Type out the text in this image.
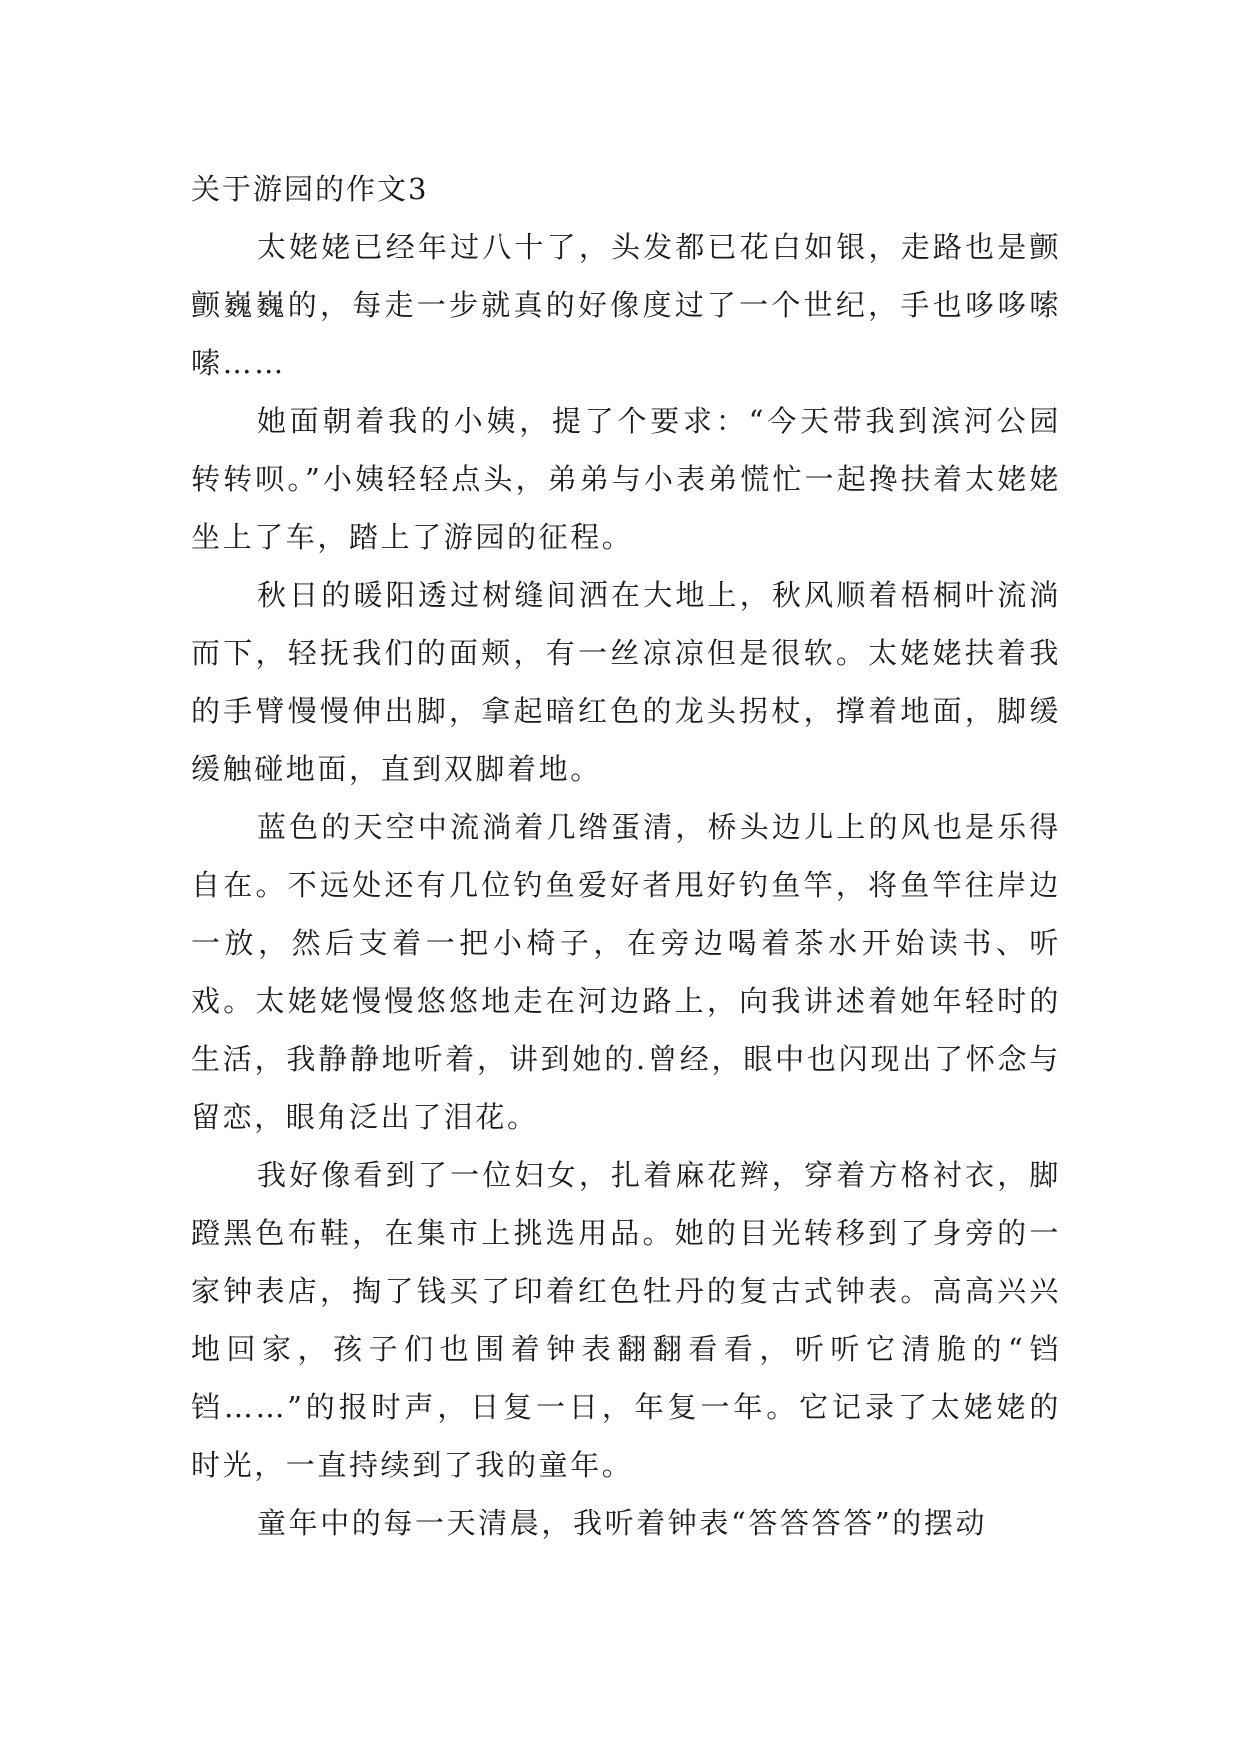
关于游园的作文3

太姥姥已经年过八十了，头发都已花白如银，走路也是颤颤巍巍的，每走一步就真的好像度过了一个世纪，手也哆哆嗦嗦……

她面朝着我的小姨，提了个要求：“今天带我到滨河公园转转呗。”小姨轻轻点头，弟弟与小表弟慌忙一起搀扶着太姥姥坐上了车，踏上了游园的征程。

秋日的暖阳透过树缝间洒在大地上，秋风顺着梧桐叶流淌而下，轻抚我们的面颊，有一丝凉凉但是很软。太姥姥扶着我的手臂慢慢伸出脚，拿起暗红色的龙头拐杖，撑着地面，脚缓缓触碰地面，直到双脚着地。

蓝色的天空中流淌着几绺蛋清，桥头边儿上的风也是乐得自在。不远处还有几位钓鱼爱好者甩好钓鱼竿，将鱼竿往岸边一放，然后支着一把小椅子，在旁边喝着茶水开始读书、听戏。太姥姥慢慢悠悠地走在河边路上，向我讲述着她年轻时的生活，我静静地听着，讲到她的.曾经，眼中也闪现出了怀念与留恋，眼角泛出了泪花。

我好像看到了一位妇女，扎着麻花辫，穿着方格衬衣，脚蹬黑色布鞋，在集市上挑选用品。她的目光转移到了身旁的一家钟表店，掏了钱买了印着红色牡丹的复古式钟表。高高兴兴地回家，孩子们也围着钟表翻翻看看，听听它清脆的“铛铛……”的报时声，日复一日，年复一年。它记录了太姥姥的时光，一直持续到了我的童年。

童年中的每一天清晨，我听着钟表“答答答答”的摆动
